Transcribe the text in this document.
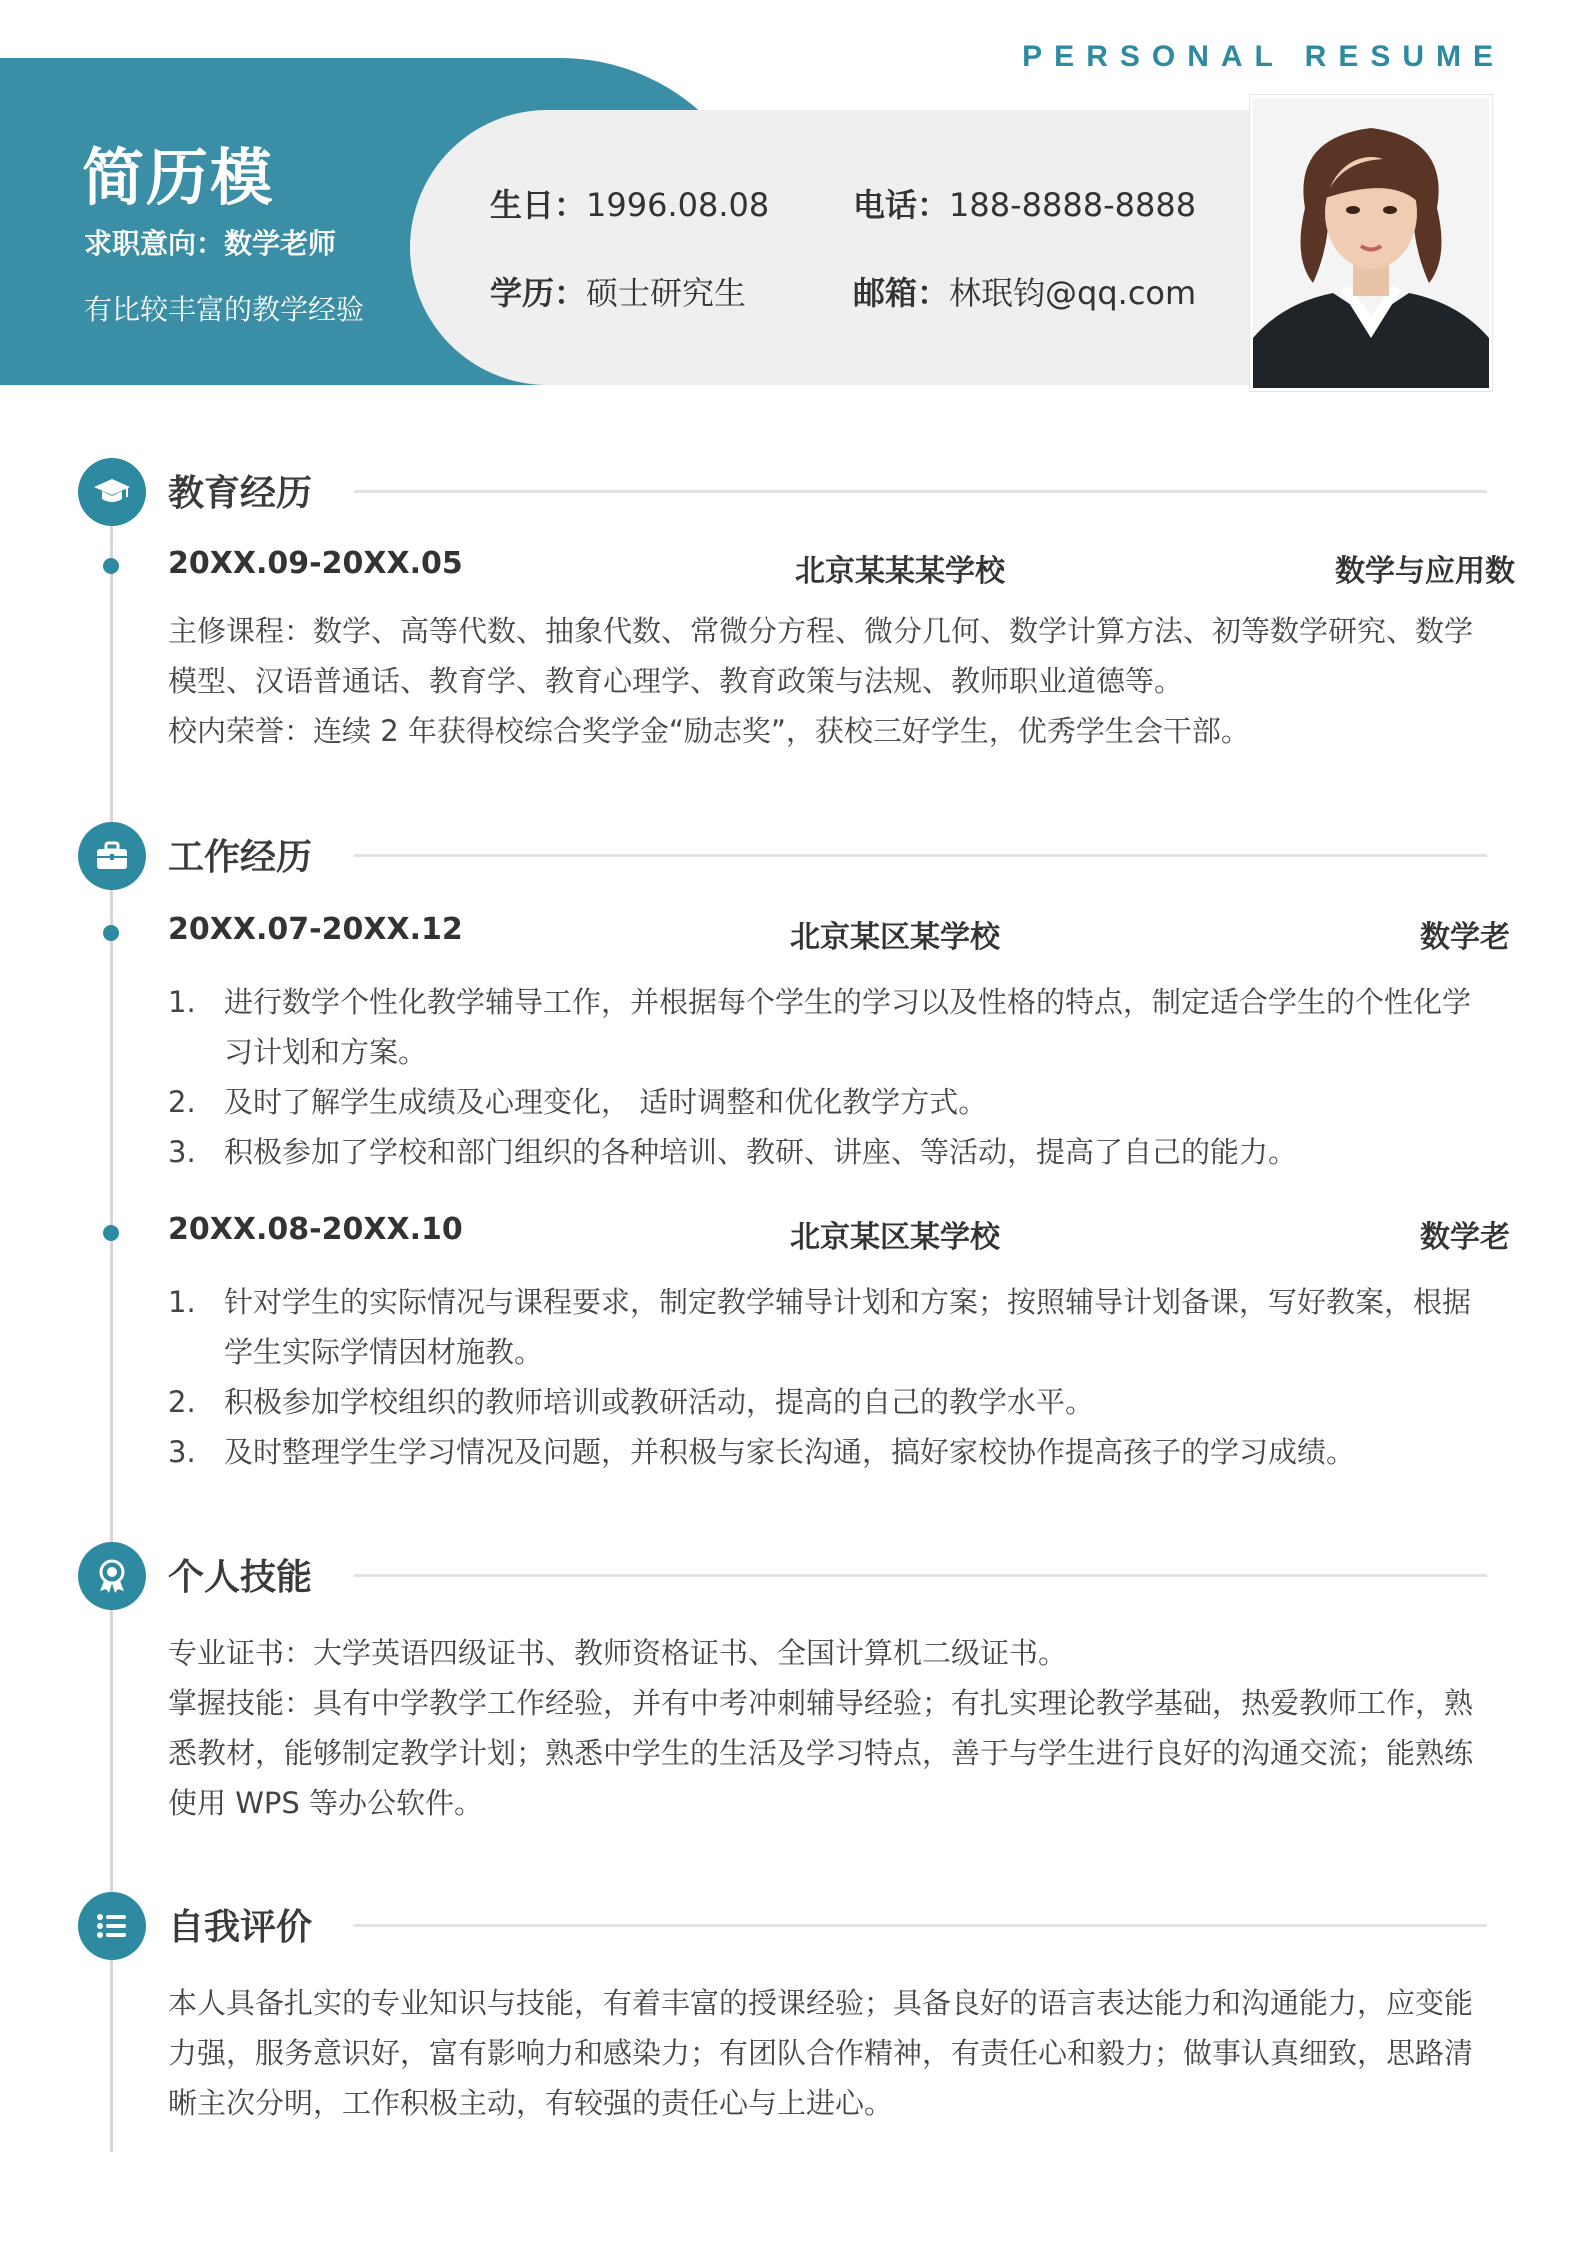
PERSONAL RESUME
简历模
求职意向：数学老师
有比较丰富的教学经验
生日：1996.08.08	电话：188-8888-8888
学历：硕士研究生	邮箱：林珉钧@qq.com
教育经历
20XX.09-20XX.05	北京某某某学校	数学与应用数
主修课程：数学、高等代数、抽象代数、常微分方程、微分几何、数学计算方法、初等数学研究、数学模型、汉语普通话、教育学、教育心理学、教育政策与法规、教师职业道德等。
校内荣誉：连续 2 年获得校综合奖学金“励志奖”，获校三好学生，优秀学生会干部。
工作经历
20XX.07-20XX.12	北京某区某学校	数学老
1. 进行数学个性化教学辅导工作，并根据每个学生的学习以及性格的特点，制定适合学生的个性化学习计划和方案。
2. 及时了解学生成绩及心理变化， 适时调整和优化教学方式。
3. 积极参加了学校和部门组织的各种培训、教研、讲座、等活动，提高了自己的能力。
20XX.08-20XX.10	北京某区某学校	数学老
1. 针对学生的实际情况与课程要求，制定教学辅导计划和方案；按照辅导计划备课，写好教案，根据学生实际学情因材施教。
2. 积极参加学校组织的教师培训或教研活动，提高的自己的教学水平。
3. 及时整理学生学习情况及问题，并积极与家长沟通，搞好家校协作提高孩子的学习成绩。
个人技能
专业证书：大学英语四级证书、教师资格证书、全国计算机二级证书。
掌握技能：具有中学教学工作经验，并有中考冲刺辅导经验；有扎实理论教学基础，热爱教师工作，熟悉教材，能够制定教学计划；熟悉中学生的生活及学习特点，善于与学生进行良好的沟通交流；能熟练使用 WPS 等办公软件。
自我评价
本人具备扎实的专业知识与技能，有着丰富的授课经验；具备良好的语言表达能力和沟通能力，应变能力强，服务意识好，富有影响力和感染力；有团队合作精神，有责任心和毅力；做事认真细致，思路清晰主次分明，工作积极主动，有较强的责任心与上进心。
